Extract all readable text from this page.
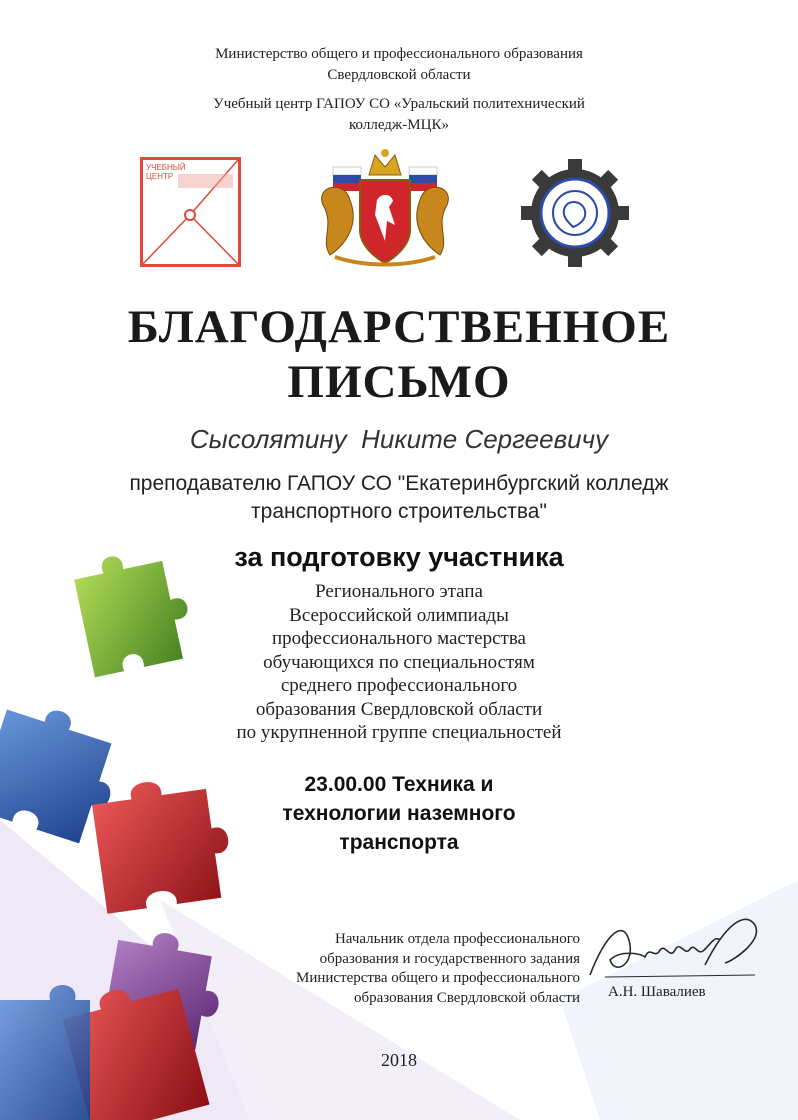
Министерство общего и профессионального образования
Свердловской области
Учебный центр ГАПОУ СО «Уральский политехнический
колледж-МЦК»
УЧЕБНЫЙ
ЦЕНТР
БЛАГОДАРСТВЕННОЕ
ПИСЬМО
Сысолятину  Никите Сергеевичу
преподавателю ГАПОУ СО "Екатеринбургский колледж
транспортного строительства"
за подготовку участника
Регионального этапа
Всероссийской олимпиады
профессионального мастерства
обучающихся по специальностям
среднего профессионального
образования Свердловской области
по укрупненной группе специальностей
23.00.00 Техника и
технологии наземного
транспорта
Начальник отдела профессионального
образования и государственного задания
Министерства общего и профессионального
образования Свердловской области А.Н. Шавалиев
2018
